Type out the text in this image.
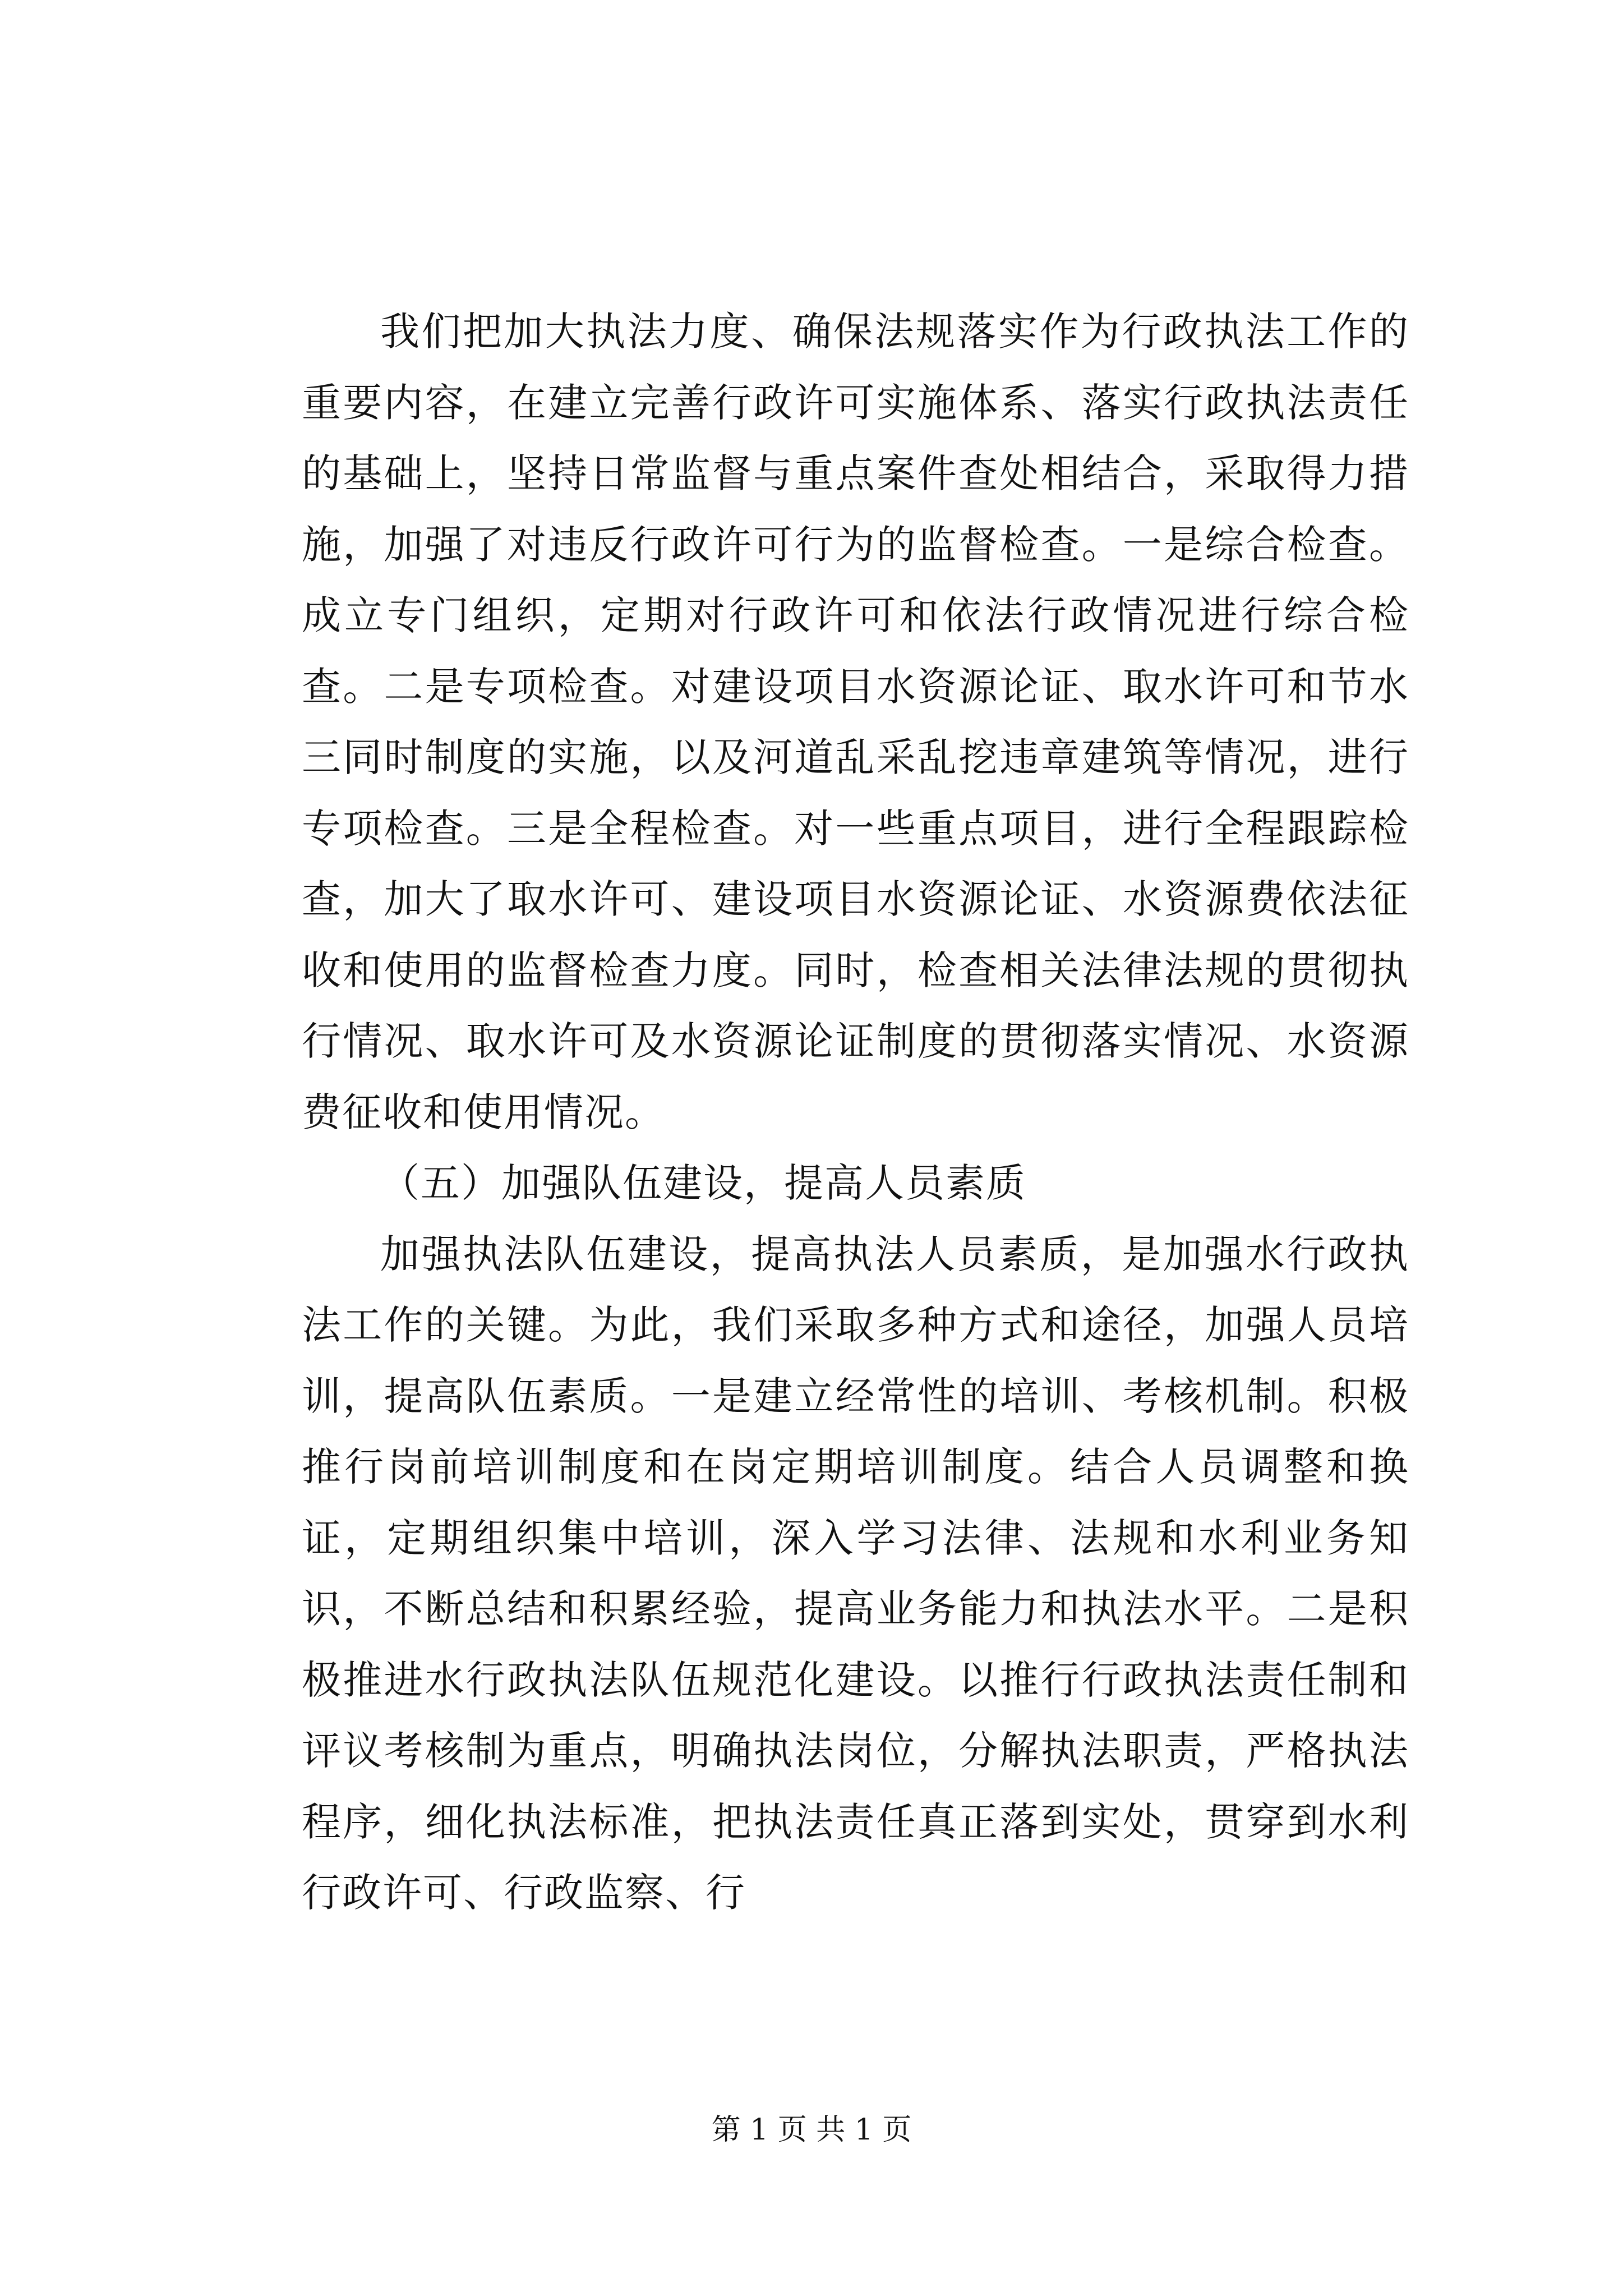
我们把加大执法力度、确保法规落实作为行政执法工作的重要内容，在建立完善行政许可实施体系、落实行政执法责任的基础上，坚持日常监督与重点案件查处相结合，采取得力措施，加强了对违反行政许可行为的监督检查。一是综合检查。成立专门组织，定期对行政许可和依法行政情况进行综合检查。二是专项检查。对建设项目水资源论证、取水许可和节水三同时制度的实施，以及河道乱采乱挖违章建筑等情况，进行专项检查。三是全程检查。对一些重点项目，进行全程跟踪检查，加大了取水许可、建设项目水资源论证、水资源费依法征收和使用的监督检查力度。同时，检查相关法律法规的贯彻执行情况、取水许可及水资源论证制度的贯彻落实情况、水资源费征收和使用情况。

（五）加强队伍建设，提高人员素质

加强执法队伍建设，提高执法人员素质，是加强水行政执法工作的关键。为此，我们采取多种方式和途径，加强人员培训，提高队伍素质。一是建立经常性的培训、考核机制。积极推行岗前培训制度和在岗定期培训制度。结合人员调整和换证，定期组织集中培训，深入学习法律、法规和水利业务知识，不断总结和积累经验，提高业务能力和执法水平。二是积极推进水行政执法队伍规范化建设。以推行行政执法责任制和评议考核制为重点，明确执法岗位，分解执法职责，严格执法程序，细化执法标准，把执法责任真正落到实处，贯穿到水利行政许可、行政监察、行

第 1 页 共 1 页
